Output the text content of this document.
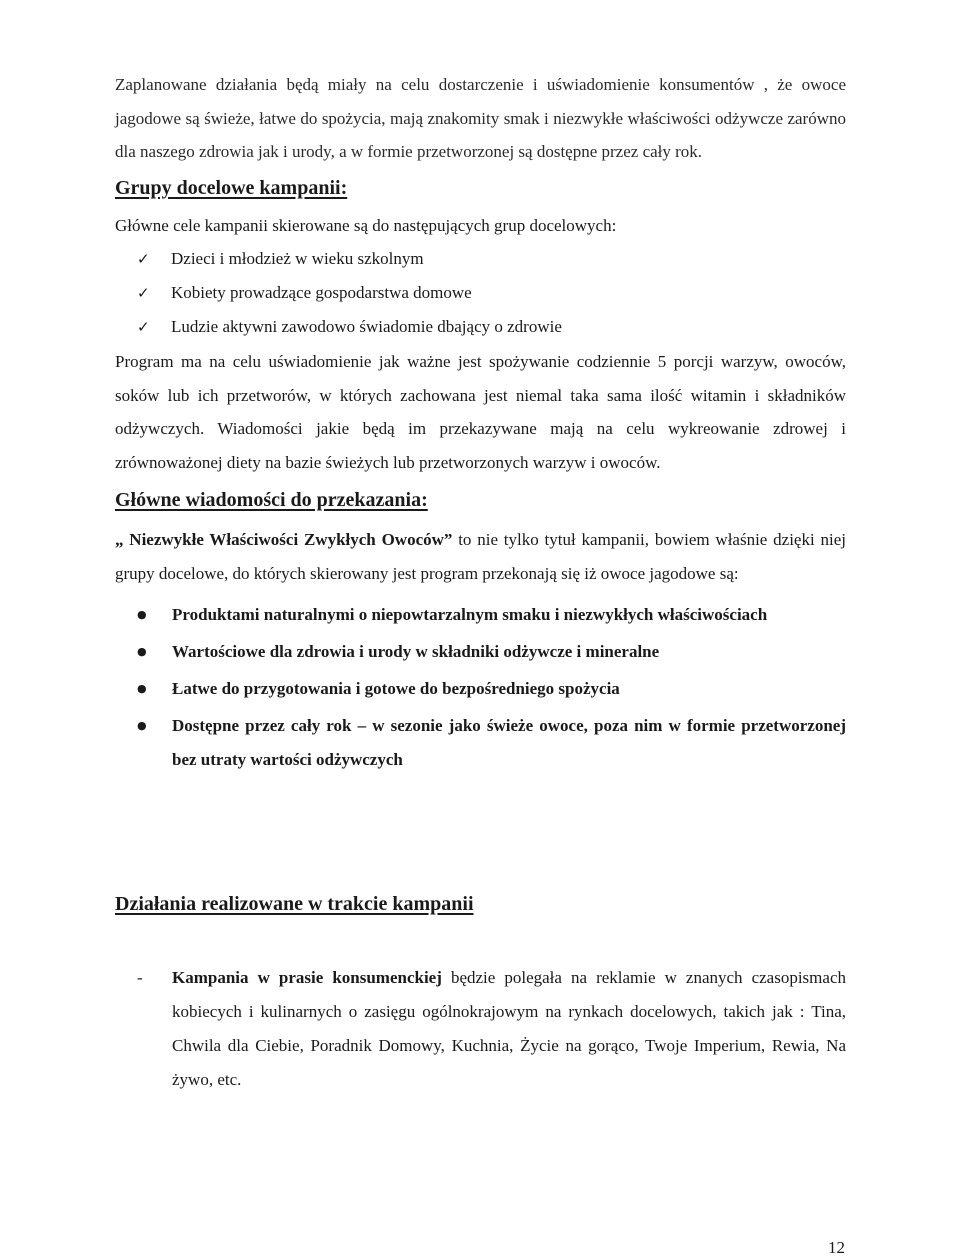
Zaplanowane działania będą miały na celu dostarczenie i uświadomienie konsumentów , że owoce jagodowe są świeże, łatwe do spożycia, mają znakomity smak i niezwykłe właściwości odżywcze zarówno dla naszego zdrowia jak i urody, a w formie przetworzonej są dostępne przez cały rok.

Grupy docelowe kampanii:

Główne cele kampanii skierowane są do następujących grup docelowych:

✓	Dzieci i młodzież w wieku szkolnym
✓	Kobiety prowadzące gospodarstwa domowe
✓	Ludzie aktywni zawodowo świadomie dbający o zdrowie

Program ma na celu uświadomienie jak ważne jest spożywanie codziennie 5 porcji warzyw, owoców, soków lub ich przetworów, w których zachowana jest niemal taka sama ilość witamin i składników odżywczych. Wiadomości jakie będą im przekazywane mają na celu wykreowanie zdrowej i zrównoważonej diety na bazie świeżych lub przetworzonych warzyw i owoców.

Główne wiadomości do przekazania:

„ Niezwykłe Właściwości Zwykłych Owoców” to nie tylko tytuł kampanii, bowiem właśnie dzięki niej grupy docelowe, do których skierowany jest program przekonają się iż owoce jagodowe są:

●	Produktami naturalnymi o niepowtarzalnym smaku i niezwykłych właściwościach
●	Wartościowe dla zdrowia i urody w składniki odżywcze i mineralne
●	Łatwe do przygotowania i gotowe do bezpośredniego spożycia
●	Dostępne przez cały rok – w sezonie jako świeże owoce, poza nim w formie przetworzonej bez utraty wartości odżywczych
Działania realizowane w trakcie kampanii
-	Kampania w prasie konsumenckiej będzie polegała na reklamie w znanych czasopismach kobiecych i kulinarnych o zasięgu ogólnokrajowym na rynkach docelowych, takich jak : Tina, Chwila dla Ciebie, Poradnik Domowy, Kuchnia, Życie na gorąco, Twoje Imperium, Rewia, Na żywo, etc.
12
